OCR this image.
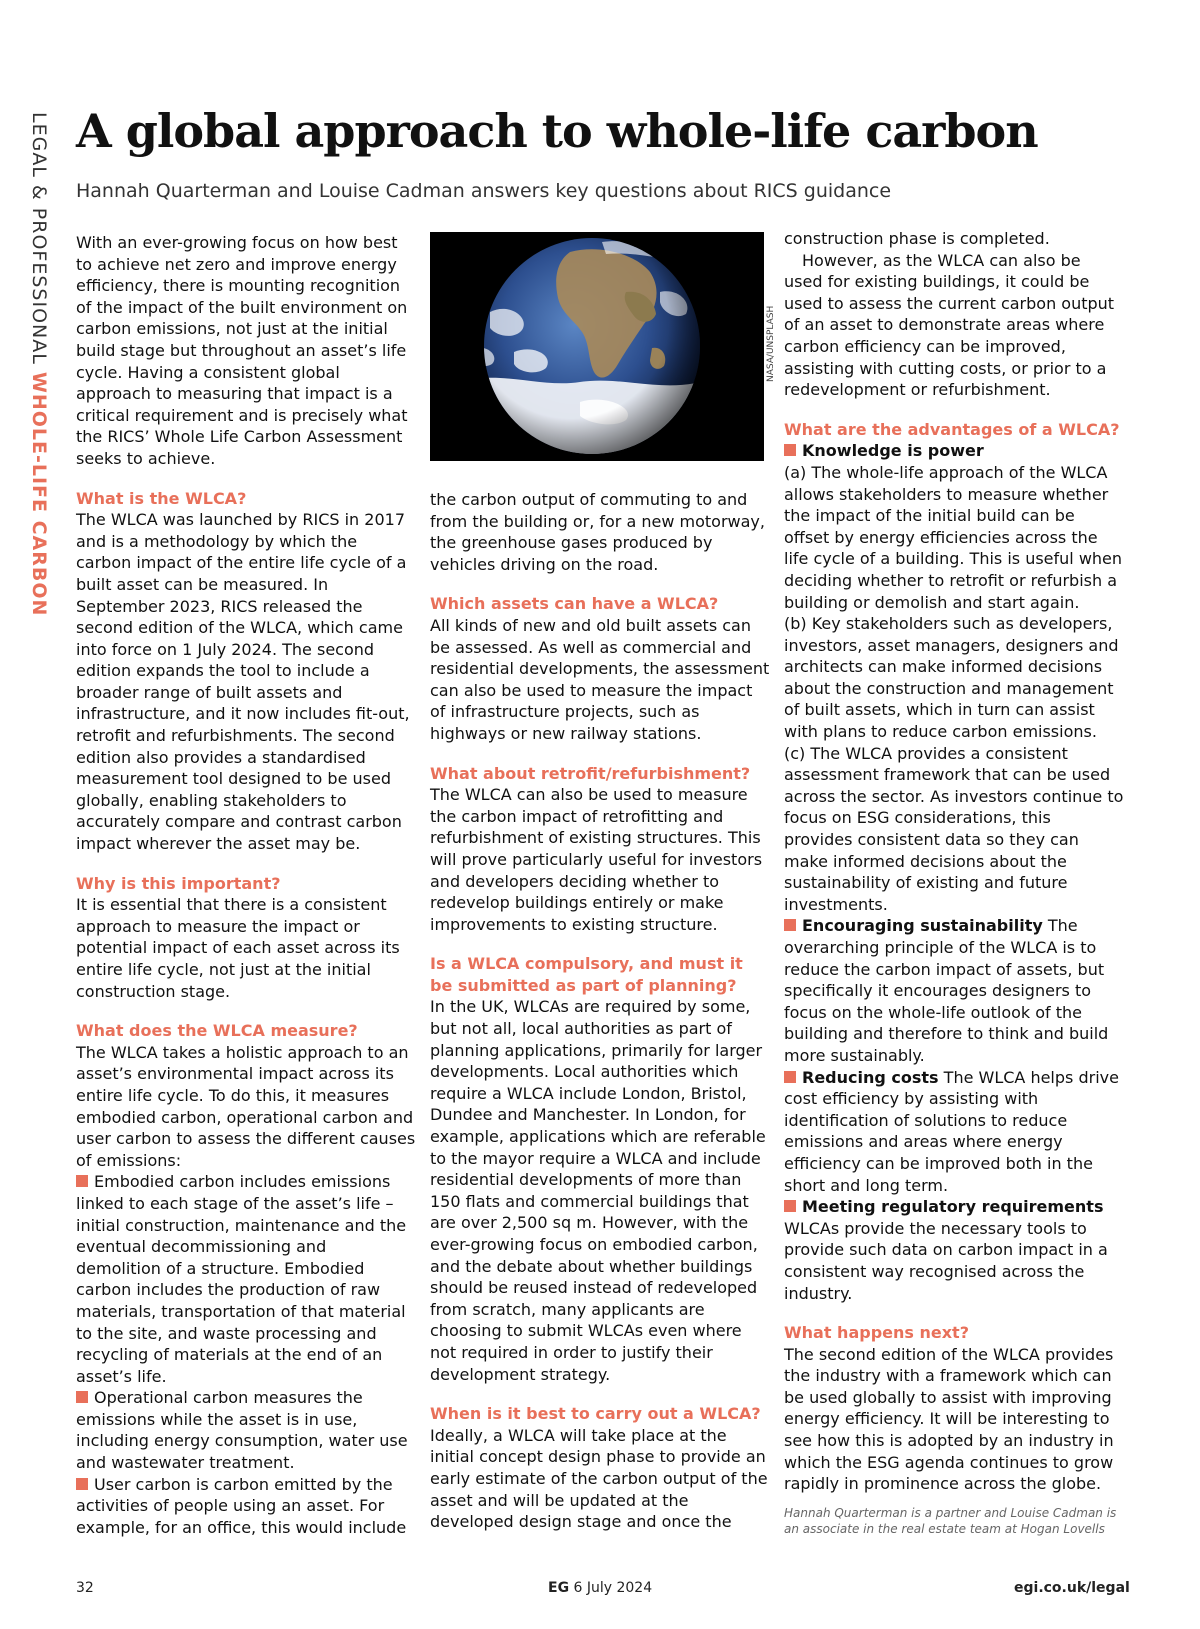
LEGAL & PROFESSIONAL WHOLE-LIFE CARBON
A global approach to whole-life carbon

Hannah Quarterman and Louise Cadman answers key questions about RICS guidance

With an ever-growing focus on how best to achieve net zero and improve energy efficiency, there is mounting recognition of the impact of the built environment on carbon emissions, not just at the initial build stage but throughout an asset’s life cycle. Having a consistent global approach to measuring that impact is a critical requirement and is precisely what the RICS’ Whole Life Carbon Assessment seeks to achieve.

What is the WLCA?

The WLCA was launched by RICS in 2017 and is a methodology by which the carbon impact of the entire life cycle of a built asset can be measured. In September 2023, RICS released the second edition of the WLCA, which came into force on 1 July 2024. The second edition expands the tool to include a broader range of built assets and infrastructure, and it now includes fit-out, retrofit and refurbishments. The second edition also provides a standardised measurement tool designed to be used globally, enabling stakeholders to accurately compare and contrast carbon impact wherever the asset may be.

Why is this important?

It is essential that there is a consistent approach to measure the impact or potential impact of each asset across its entire life cycle, not just at the initial construction stage.

What does the WLCA measure?

The WLCA takes a holistic approach to an asset’s environmental impact across its entire life cycle. To do this, it measures embodied carbon, operational carbon and user carbon to assess the different causes of emissions:

Embodied carbon includes emissions linked to each stage of the asset’s life – initial construction, maintenance and the eventual decommissioning and demolition of a structure. Embodied carbon includes the production of raw materials, transportation of that material to the site, and waste processing and recycling of materials at the end of an asset’s life.

Operational carbon measures the emissions while the asset is in use, including energy consumption, water use and wastewater treatment.

User carbon is carbon emitted by the activities of people using an asset. For example, for an office, this would include

NASA/UNSPLASH

the carbon output of commuting to and from the building or, for a new motorway, the greenhouse gases produced by vehicles driving on the road.

Which assets can have a WLCA?

All kinds of new and old built assets can be assessed. As well as commercial and residential developments, the assessment can also be used to measure the impact of infrastructure projects, such as highways or new railway stations.

What about retrofit/refurbishment?

The WLCA can also be used to measure the carbon impact of retrofitting and refurbishment of existing structures. This will prove particularly useful for investors and developers deciding whether to redevelop buildings entirely or make improvements to existing structure.

Is a WLCA compulsory, and must it be submitted as part of planning?

In the UK, WLCAs are required by some, but not all, local authorities as part of planning applications, primarily for larger developments. Local authorities which require a WLCA include London, Bristol, Dundee and Manchester. In London, for example, applications which are referable to the mayor require a WLCA and include residential developments of more than 150 flats and commercial buildings that are over 2,500 sq m. However, with the ever-growing focus on embodied carbon, and the debate about whether buildings should be reused instead of redeveloped from scratch, many applicants are choosing to submit WLCAs even where not required in order to justify their development strategy.

When is it best to carry out a WLCA?

Ideally, a WLCA will take place at the initial concept design phase to provide an early estimate of the carbon output of the asset and will be updated at the developed design stage and once the

construction phase is completed.

However, as the WLCA can also be used for existing buildings, it could be used to assess the current carbon output of an asset to demonstrate areas where carbon efficiency can be improved, assisting with cutting costs, or prior to a redevelopment or refurbishment.

What are the advantages of a WLCA?

Knowledge is power

(a) The whole-life approach of the WLCA allows stakeholders to measure whether the impact of the initial build can be offset by energy efficiencies across the life cycle of a building. This is useful when deciding whether to retrofit or refurbish a building or demolish and start again.

(b) Key stakeholders such as developers, investors, asset managers, designers and architects can make informed decisions about the construction and management of built assets, which in turn can assist with plans to reduce carbon emissions.

(c) The WLCA provides a consistent assessment framework that can be used across the sector. As investors continue to focus on ESG considerations, this provides consistent data so they can make informed decisions about the sustainability of existing and future investments.

Encouraging sustainability The overarching principle of the WLCA is to reduce the carbon impact of assets, but specifically it encourages designers to focus on the whole-life outlook of the building and therefore to think and build more sustainably.

Reducing costs The WLCA helps drive cost efficiency by assisting with identification of solutions to reduce emissions and areas where energy efficiency can be improved both in the short and long term.

Meeting regulatory requirements

WLCAs provide the necessary tools to provide such data on carbon impact in a consistent way recognised across the industry.

What happens next?

The second edition of the WLCA provides the industry with a framework which can be used globally to assist with improving energy efficiency. It will be interesting to see how this is adopted by an industry in which the ESG agenda continues to grow rapidly in prominence across the globe.

Hannah Quarterman is a partner and Louise Cadman is an associate in the real estate team at Hogan Lovells

32	EG 6 July 2024	egi.co.uk/legal
